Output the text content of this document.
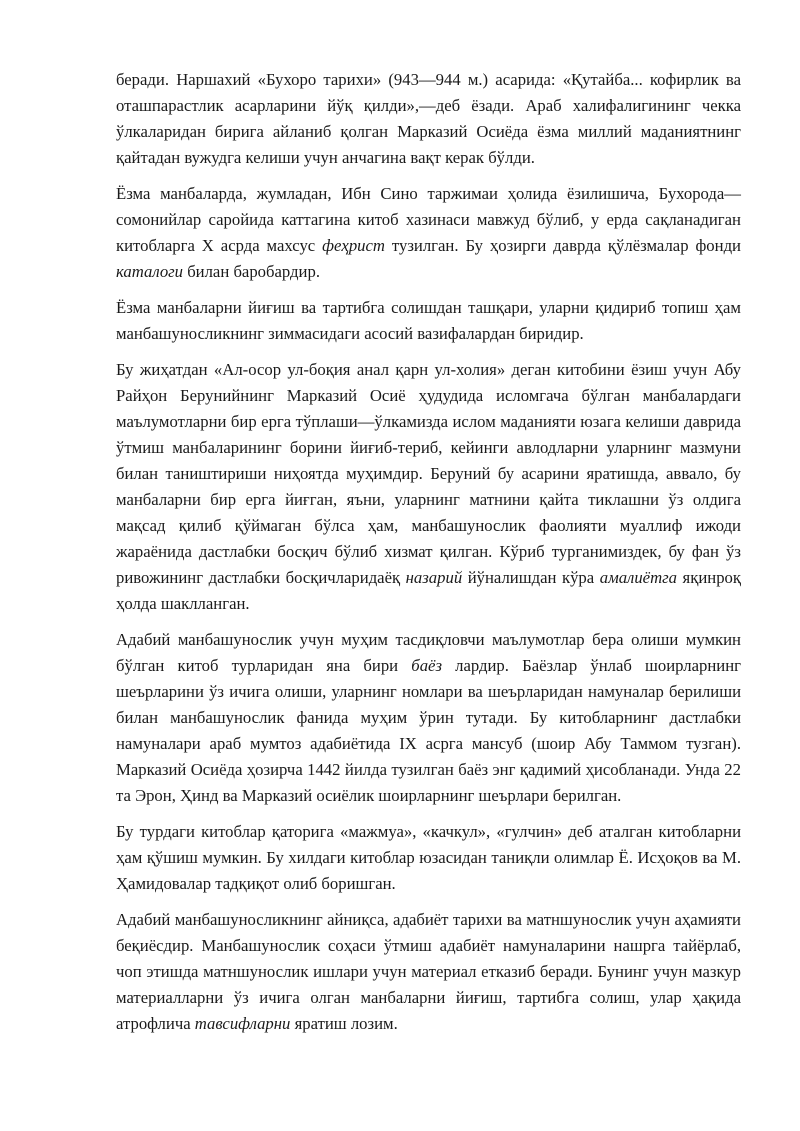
беради. Наршахий «Бухоро тарихи» (943—944 м.) асарида: «Қутайба... кофирлик ва оташпарастлик асарларини йўқ қилди»,—деб ёзади. Араб халифалигининг чекка ўлкаларидан бирига айланиб қолган Марказий Осиёда ёзма миллий маданиятнинг қайтадан вужудга келиши учун анчагина вақт керак бўлди.

Ёзма манбаларда, жумладан, Ибн Сино таржимаи ҳолида ёзилишича, Бухорода—сомонийлар саройида каттагина китоб хазинаси мавжуд бўлиб, у ерда сақланадиган китобларга X асрда махсус феҳрист тузилган. Бу ҳозирги даврда қўлёзмалар фонди каталоги билан баробардир.

Ёзма манбаларни йиғиш ва тартибга солишдан ташқари, уларни қидириб топиш ҳам манбашуносликнинг зиммасидаги асосий вазифалардан биридир.

Бу жиҳатдан «Ал-осор ул-боқия анал қарн ул-холия» деган китобини ёзиш учун Абу Райҳон Берунийнинг Марказий Осиё ҳудудида исломгача бўлган манбалардаги маълумотларни бир ерга тўплаши—ўлкамизда ислом маданияти юзага келиши даврида ўтмиш манбаларининг борини йиғиб-териб, кейинги авлодларни уларнинг мазмуни билан таништириши ниҳоятда муҳимдир. Беруний бу асарини яратишда, аввало, бу манбаларни бир ерга йиғган, яъни, уларнинг матнини қайта тиклашни ўз олдига мақсад қилиб қўймаган бўлса ҳам, манбашунослик фаолияти муаллиф ижоди жараёнида дастлабки босқич бўлиб хизмат қилган. Кўриб турганимиздек, бу фан ўз ривожининг дастлабки босқичларидаёқ назарий йўналишдан кўра амалиётга яқинроқ ҳолда шаклланган.

Адабий манбашунослик учун муҳим тасдиқловчи маълумотлар бера олиши мумкин бўлган китоб турларидан яна бири баёз лардир. Баёзлар ўнлаб шоирларнинг шеърларини ўз ичига олиши, уларнинг номлари ва шеърларидан намуналар берилиши билан манбашунослик фанида муҳим ўрин тутади. Бу китобларнинг дастлабки намуналари араб мумтоз адабиётида IX асрга мансуб (шоир Абу Таммом тузган). Марказий Осиёда ҳозирча 1442 йилда тузилган баёз энг қадимий ҳисобланади. Унда 22 та Эрон, Ҳинд ва Марказий осиёлик шоирларнинг шеърлари берилган.

Бу турдаги китоблар қаторига «мажмуа», «качкул», «гулчин» деб аталган китобларни ҳам қўшиш мумкин. Бу хилдаги китоблар юзасидан таниқли олимлар Ё. Исҳоқов ва М. Ҳамидовалар тадқиқот олиб боришган.

Адабий манбашуносликнинг айниқса, адабиёт тарихи ва матншунослик учун аҳамияти беқиёсдир. Манбашунослик соҳаси ўтмиш адабиёт намуналарини нашрга тайёрлаб, чоп этишда матншунослик ишлари учун материал етказиб беради. Бунинг учун мазкур материалларни ўз ичига олган манбаларни йиғиш, тартибга солиш, улар ҳақида атрофлича тавсифларни яратиш лозим.
